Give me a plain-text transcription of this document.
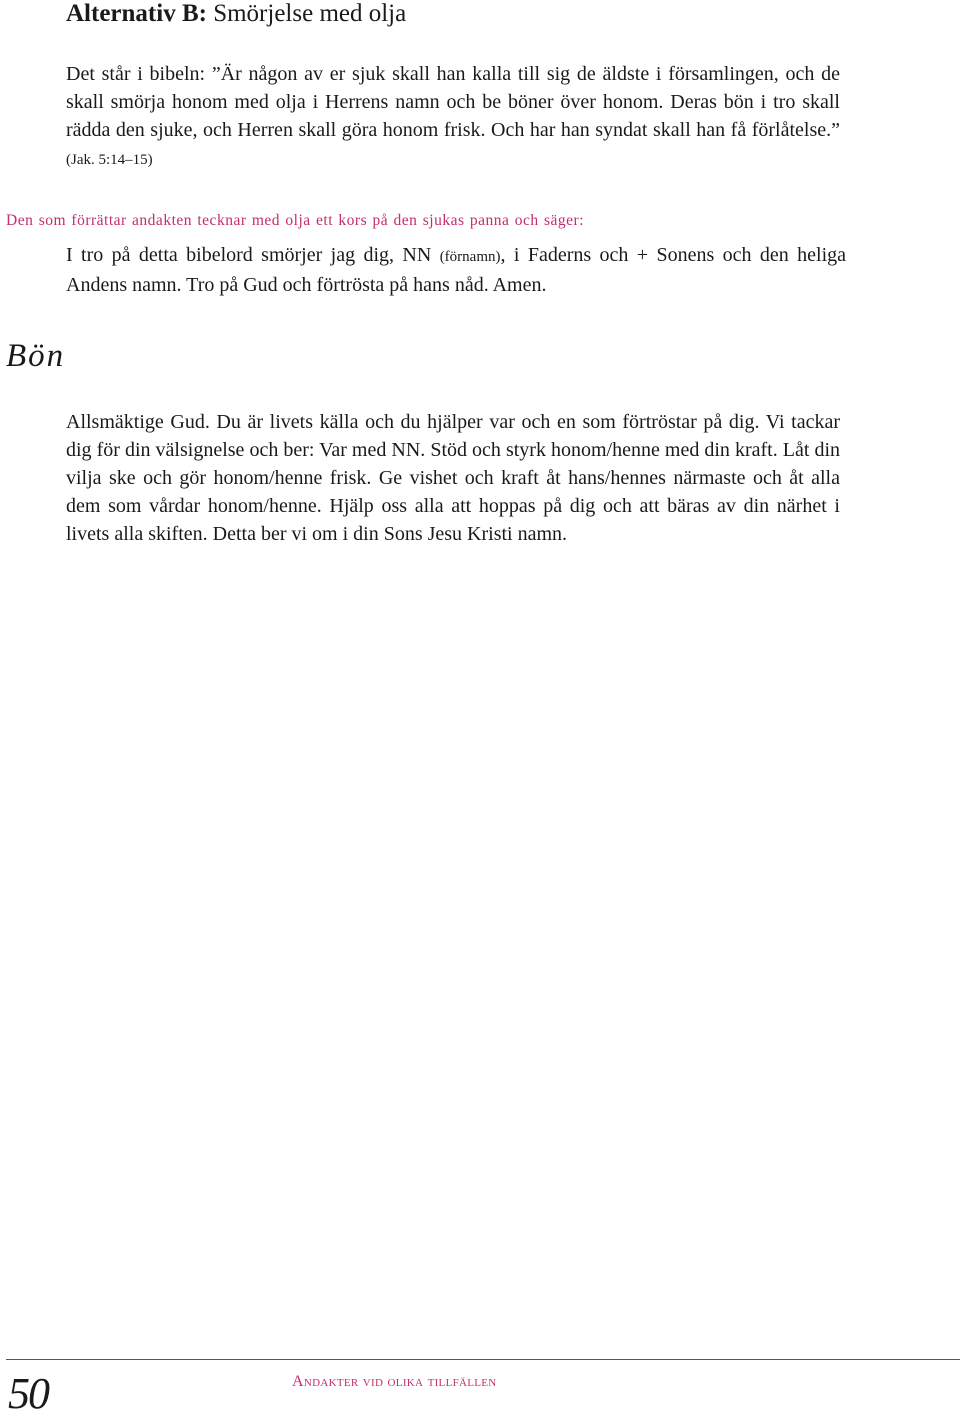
Alternativ B: Smörjelse med olja
Det står i bibeln: ”Är någon av er sjuk skall han kalla till sig de äldste i församlingen, och de skall smörja honom med olja i Herrens namn och be böner över honom. Deras bön i tro skall rädda den sjuke, och Herren skall göra honom frisk. Och har han syndat skall han få förlåtelse.” (Jak. 5:14–15)
Den som förrättar andakten tecknar med olja ett kors på den sjukas panna och säger:
I tro på detta bibelord smörjer jag dig, NN (förnamn), i Faderns och + Sonens och den heliga Andens namn. Tro på Gud och förtrösta på hans nåd. Amen.
Bön
Allsmäktige Gud. Du är livets källa och du hjälper var och en som förtröstar på dig. Vi tackar dig för din välsignelse och ber: Var med NN. Stöd och styrk honom/henne med din kraft. Låt din vilja ske och gör honom/henne frisk. Ge vishet och kraft åt hans/hennes närmaste och åt alla dem som vårdar honom/henne. Hjälp oss alla att hoppas på dig och att bäras av din närhet i livets alla skiften. Detta ber vi om i din Sons Jesu Kristi namn.
50	Andakter vid olika tillfällen
